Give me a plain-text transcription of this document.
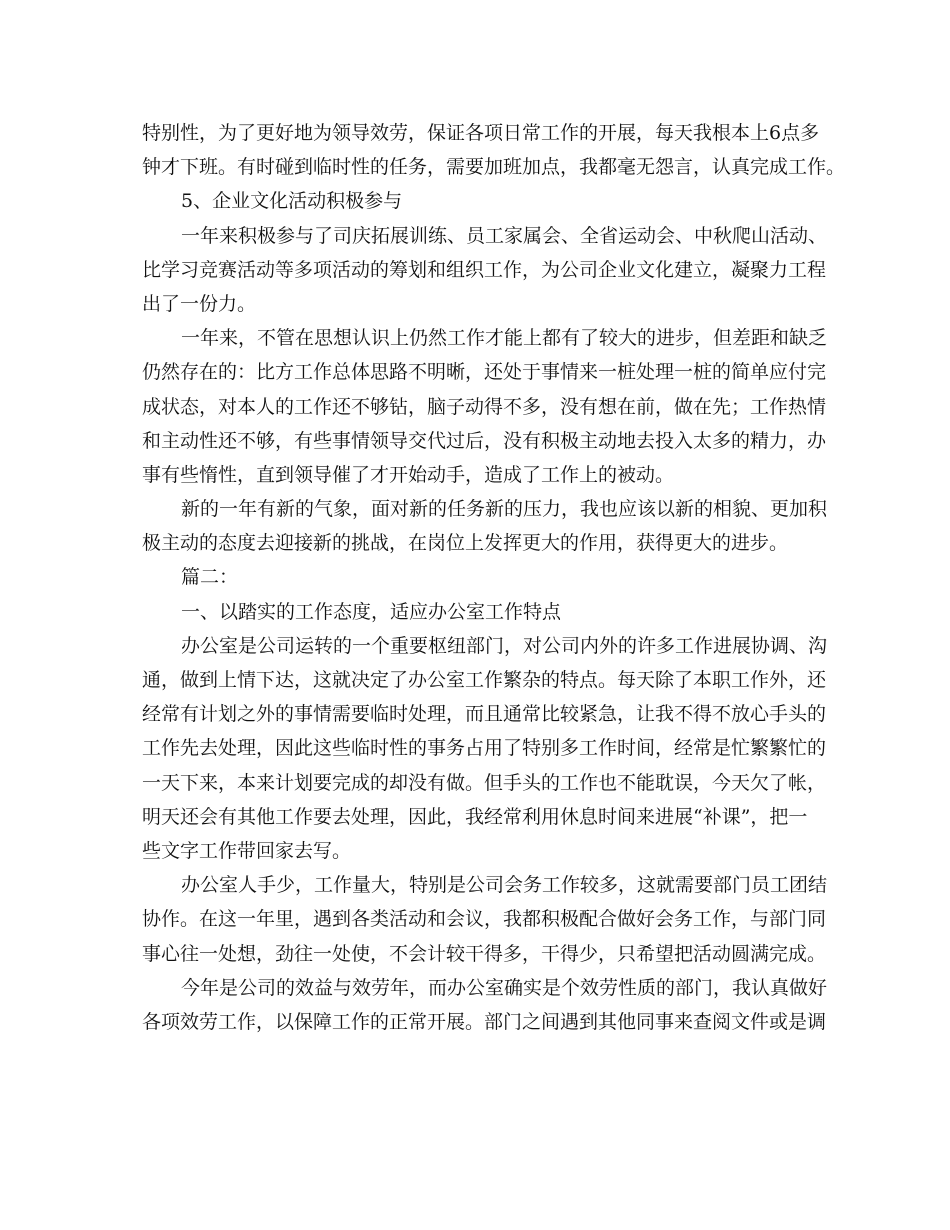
特别性，为了更好地为领导效劳，保证各项日常工作的开展，每天我根本上6点多
钟才下班。有时碰到临时性的任务，需要加班加点，我都毫无怨言，认真完成工作。
5、企业文化活动积极参与
一年来积极参与了司庆拓展训练、员工家属会、全省运动会、中秋爬山活动、
比学习竞赛活动等多项活动的筹划和组织工作，为公司企业文化建立，凝聚力工程
出了一份力。
一年来，不管在思想认识上仍然工作才能上都有了较大的进步，但差距和缺乏
仍然存在的：比方工作总体思路不明晰，还处于事情来一桩处理一桩的简单应付完
成状态，对本人的工作还不够钻，脑子动得不多，没有想在前，做在先；工作热情
和主动性还不够，有些事情领导交代过后，没有积极主动地去投入太多的精力，办
事有些惰性，直到领导催了才开始动手，造成了工作上的被动。
新的一年有新的气象，面对新的任务新的压力，我也应该以新的相貌、更加积
极主动的态度去迎接新的挑战，在岗位上发挥更大的作用，获得更大的进步。
篇二：
一、以踏实的工作态度，适应办公室工作特点
办公室是公司运转的一个重要枢纽部门，对公司内外的许多工作进展协调、沟
通，做到上情下达，这就决定了办公室工作繁杂的特点。每天除了本职工作外，还
经常有计划之外的事情需要临时处理，而且通常比较紧急，让我不得不放心手头的
工作先去处理，因此这些临时性的事务占用了特别多工作时间，经常是忙繁繁忙的
一天下来，本来计划要完成的却没有做。但手头的工作也不能耽误，今天欠了帐，
明天还会有其他工作要去处理，因此，我经常利用休息时间来进展“补课”，把一
些文字工作带回家去写。
办公室人手少，工作量大，特别是公司会务工作较多，这就需要部门员工团结
协作。在这一年里，遇到各类活动和会议，我都积极配合做好会务工作，与部门同
事心往一处想，劲往一处使，不会计较干得多，干得少，只希望把活动圆满完成。
今年是公司的效益与效劳年，而办公室确实是个效劳性质的部门，我认真做好
各项效劳工作，以保障工作的正常开展。部门之间遇到其他同事来查阅文件或是调
